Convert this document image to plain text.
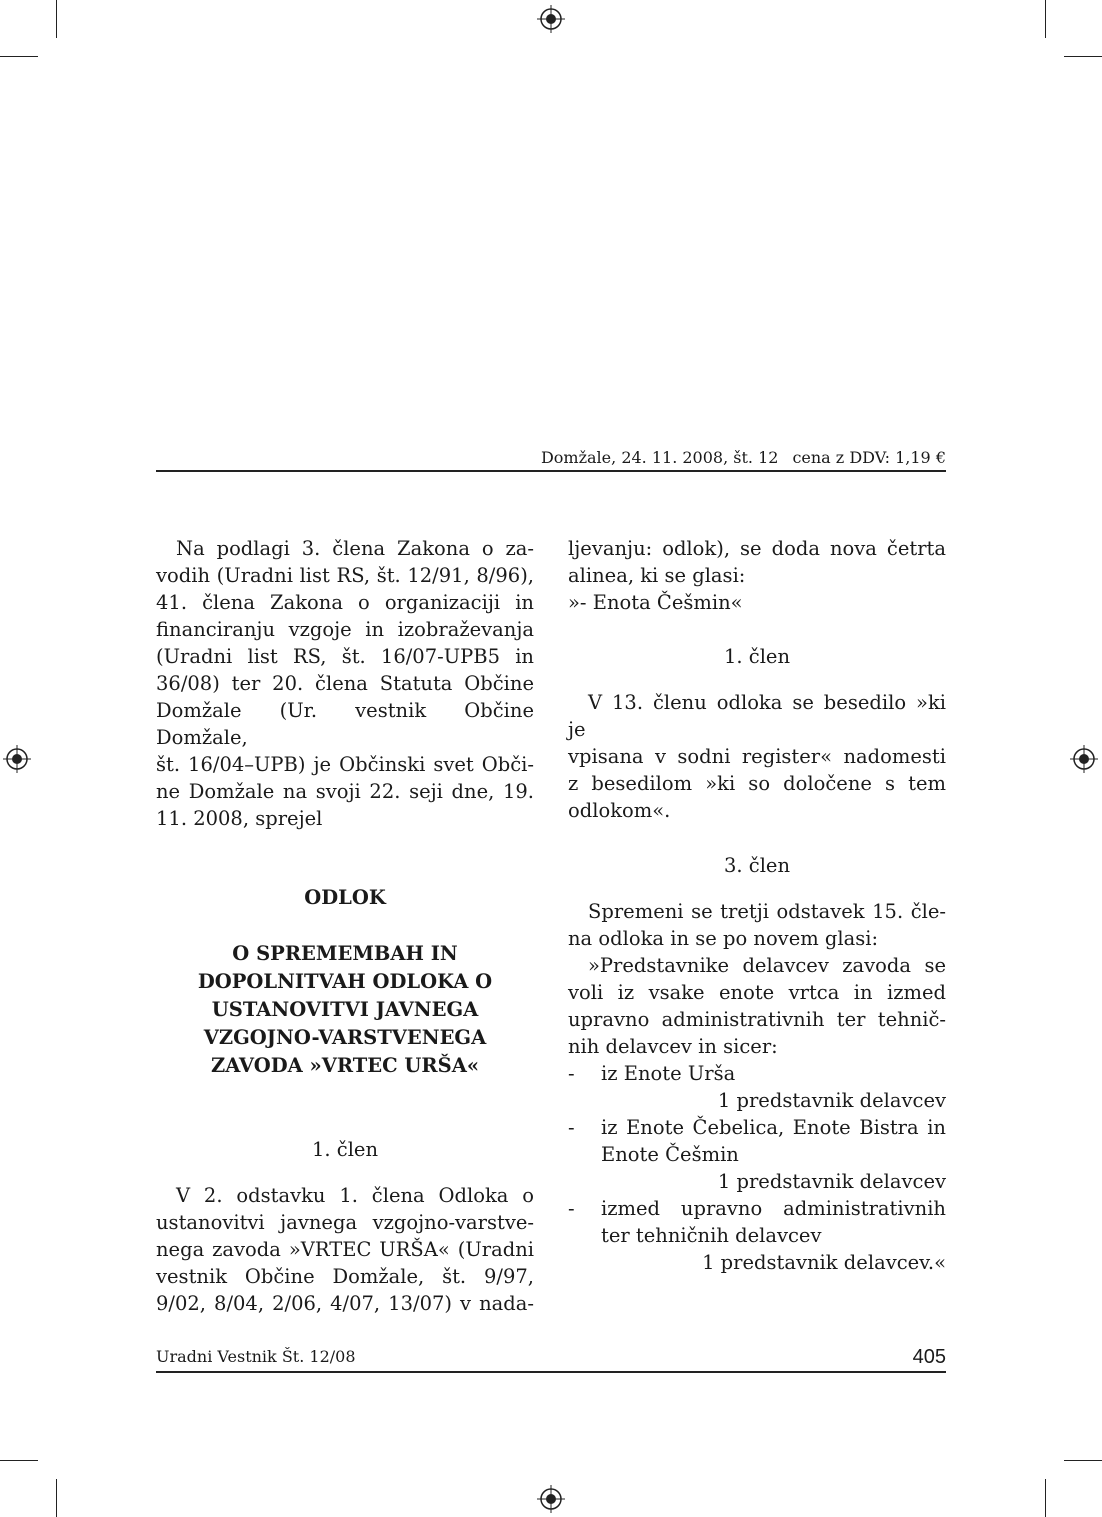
Domžale, 24. 11. 2008, št. 12 cena z DDV: 1,19 €
Na podlagi 3. člena Zakona o za-
vodih (Uradni list RS, št. 12/91, 8/96),
41. člena Zakona o organizaciji in
financiranju vzgoje in izobraževanja
(Uradni list RS, št. 16/07-UPB5 in
36/08) ter 20. člena Statuta Občine
Domžale (Ur. vestnik Občine Domžale,
št. 16/04–UPB) je Občinski svet Obči-
ne Domžale na svoji 22. seji dne, 19.
11. 2008, sprejel
ODLOK
O SPREMEMBAH IN
DOPOLNITVAH ODLOKA O
USTANOVITVI JAVNEGA
VZGOJNO-VARSTVENEGA
ZAVODA »VRTEC URŠA«
1. člen
V 2. odstavku 1. člena Odloka o
ustanovitvi javnega vzgojno-varstve-
nega zavoda »VRTEC URŠA« (Uradni
vestnik Občine Domžale, št. 9/97,
9/02, 8/04, 2/06, 4/07, 13/07) v nada-
ljevanju: odlok), se doda nova četrta
alinea, ki se glasi:
»- Enota Češmin«
1. člen
V 13. členu odloka se besedilo »ki je
vpisana v sodni register« nadomesti
z besedilom »ki so določene s tem
odlokom«.
3. člen
Spremeni se tretji odstavek 15. čle-
na odloka in se po novem glasi:
»Predstavnike delavcev zavoda se
voli iz vsake enote vrtca in izmed
upravno administrativnih ter tehnič-
nih delavcev in sicer:
- iz Enote Urša
1 predstavnik delavcev
- iz Enote Čebelica, Enote Bistra in
Enote Češmin
1 predstavnik delavcev
- izmed upravno administrativnih
ter tehničnih delavcev
1 predstavnik delavcev.«
Uradni Vestnik Št. 12/08	405
